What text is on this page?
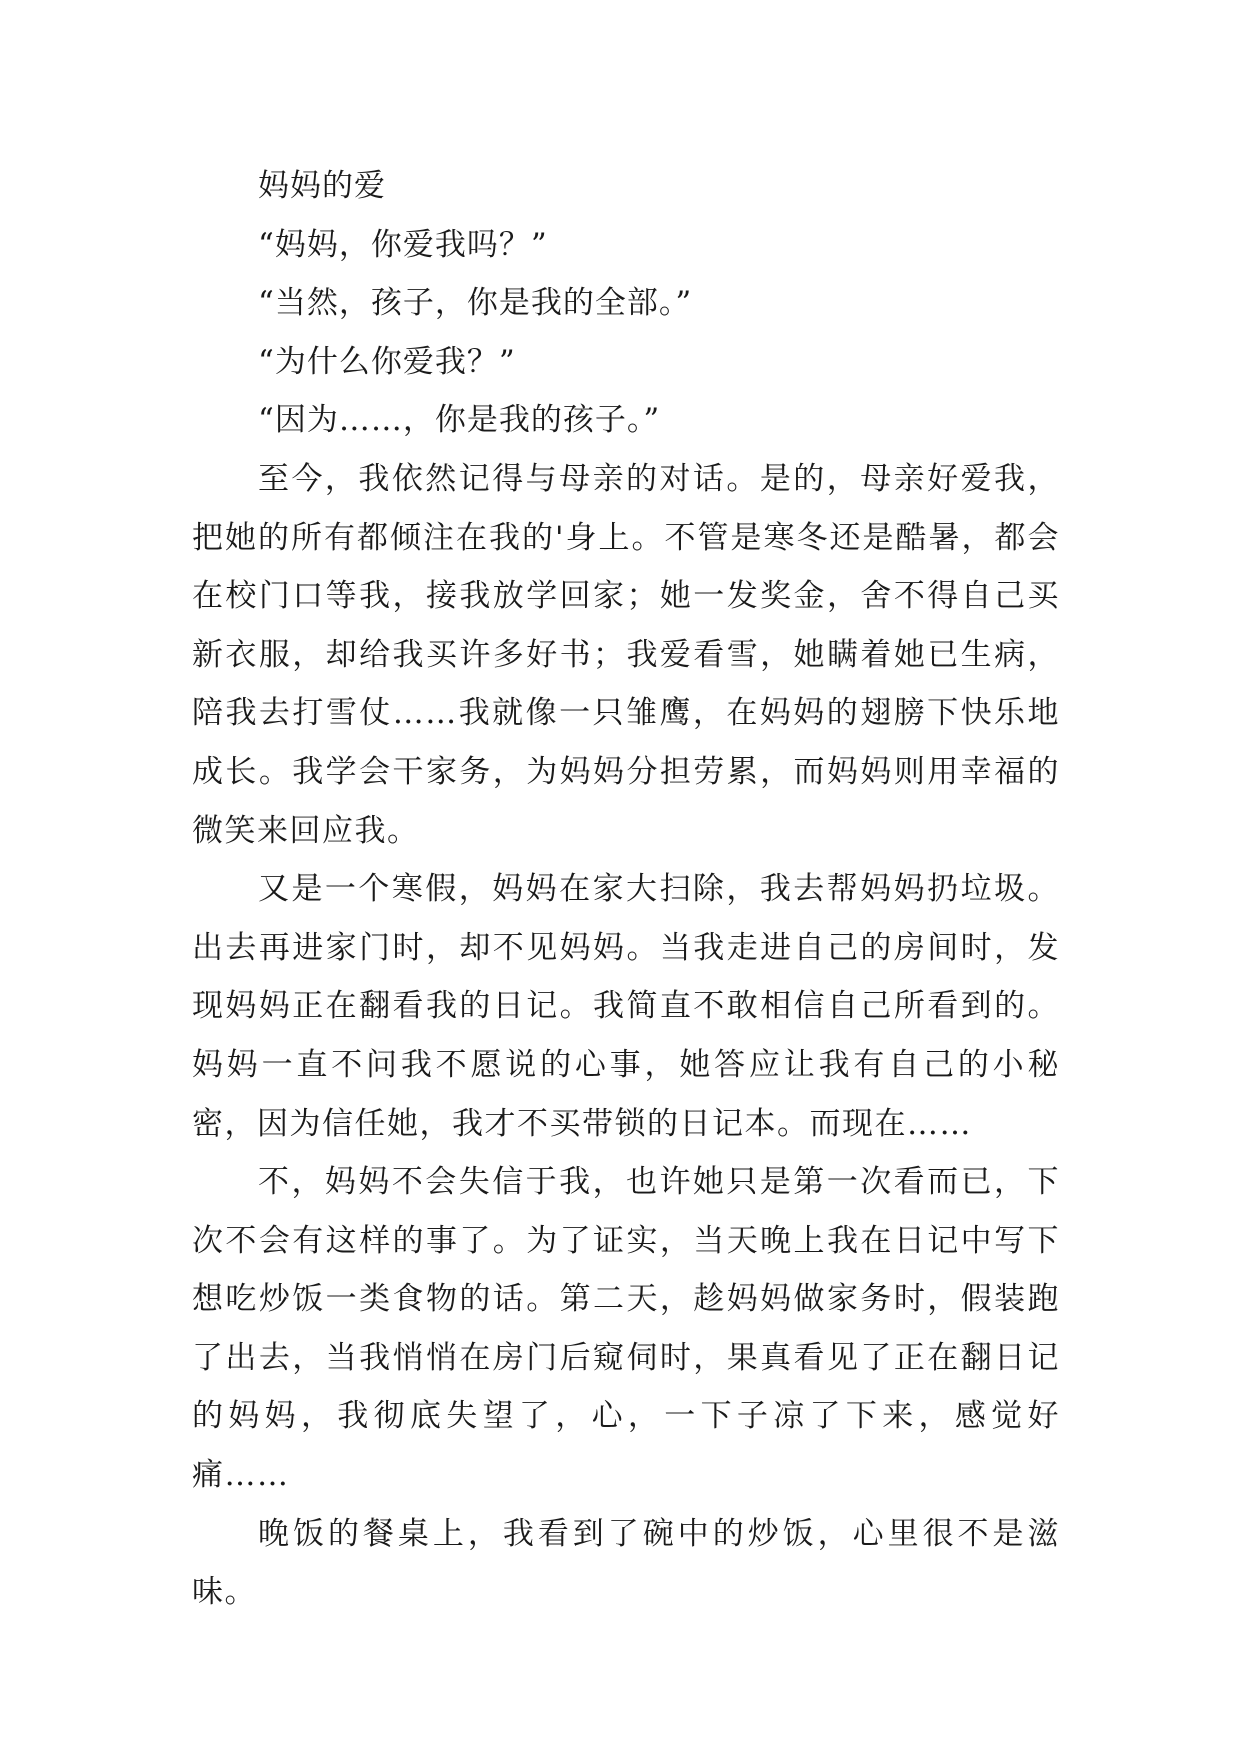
妈妈的爱

“妈妈，你爱我吗？”

“当然，孩子，你是我的全部。”

“为什么你爱我？”

“因为……，你是我的孩子。”

至今，我依然记得与母亲的对话。是的，母亲好爱我，把她的所有都倾注在我的'身上。不管是寒冬还是酷暑，都会在校门口等我，接我放学回家；她一发奖金，舍不得自己买新衣服，却给我买许多好书；我爱看雪，她瞒着她已生病，陪我去打雪仗……我就像一只雏鹰，在妈妈的翅膀下快乐地成长。我学会干家务，为妈妈分担劳累，而妈妈则用幸福的微笑来回应我。

又是一个寒假，妈妈在家大扫除，我去帮妈妈扔垃圾。出去再进家门时，却不见妈妈。当我走进自己的房间时，发现妈妈正在翻看我的日记。我简直不敢相信自己所看到的。妈妈一直不问我不愿说的心事，她答应让我有自己的小秘密，因为信任她，我才不买带锁的日记本。而现在……

不，妈妈不会失信于我，也许她只是第一次看而已，下次不会有这样的事了。为了证实，当天晚上我在日记中写下想吃炒饭一类食物的话。第二天，趁妈妈做家务时，假装跑了出去，当我悄悄在房门后窥伺时，果真看见了正在翻日记的妈妈，我彻底失望了，心，一下子凉了下来，感觉好痛……

晚饭的餐桌上，我看到了碗中的炒饭，心里很不是滋味。
